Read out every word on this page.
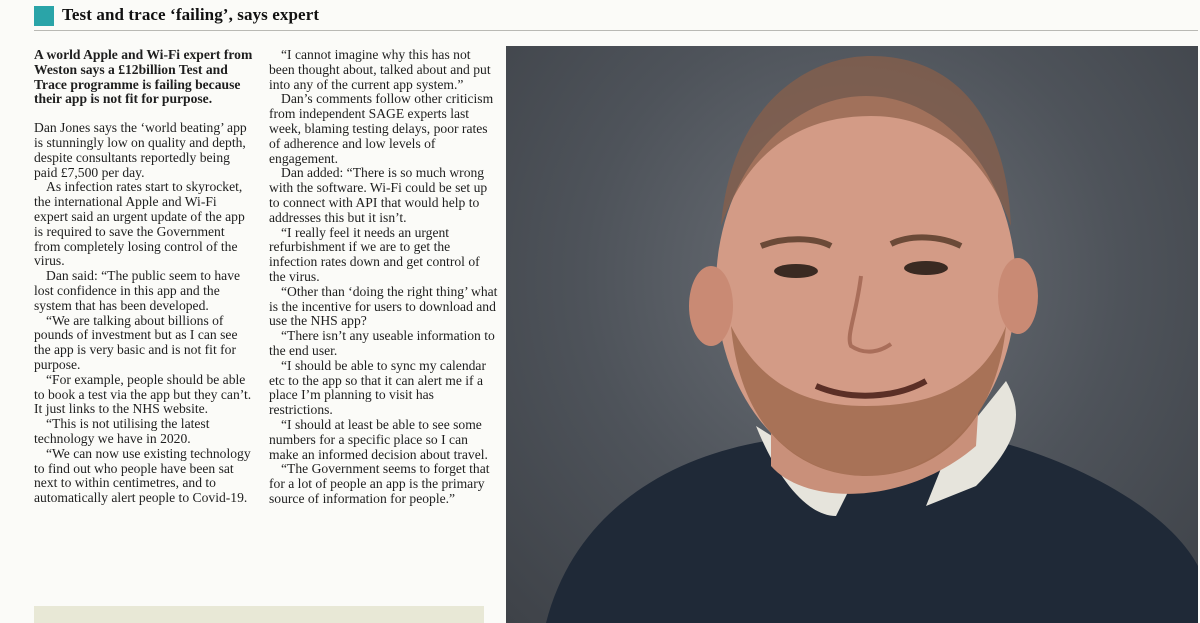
Test and trace ‘failing’, says expert

A world Apple and Wi-Fi expert from Weston says a £12billion Test and Trace programme is failing because their app is not fit for purpose.

Dan Jones says the ‘world beating’ app is stunningly low on quality and depth, despite consultants reportedly being paid £7,500 per day.

As infection rates start to skyrocket, the international Apple and Wi-Fi expert said an urgent update of the app is required to save the Government from completely losing control of the virus.

Dan said: “The public seem to have lost confidence in this app and the system that has been developed.

“We are talking about billions of pounds of investment but as I can see the app is very basic and is not fit for purpose.

“For example, people should be able to book a test via the app but they can’t. It just links to the NHS website.

“This is not utilising the latest technology we have in 2020.

“We can now use existing technology to find out who people have been sat next to within centimetres, and to automatically alert people to Covid-19.

“I cannot imagine why this has not been thought about, talked about and put into any of the current app system.”

Dan’s comments follow other criticism from independent SAGE experts last week, blaming testing delays, poor rates of adherence and low levels of engagement.

Dan added: “There is so much wrong with the software. Wi-Fi could be set up to connect with API that would help to addresses this but it isn’t.

“I really feel it needs an urgent refurbishment if we are to get the infection rates down and get control of the virus.

“Other than ‘doing the right thing’ what is the incentive for users to download and use the NHS app?

“There isn’t any useable information to the end user.

“I should be able to sync my calendar etc to the app so that it can alert me if a place I’m planning to visit has restrictions.

“I should at least be able to see some numbers for a specific place so I can make an informed decision about travel.

“The Government seems to forget that for a lot of people an app is the primary source of information for people.”
